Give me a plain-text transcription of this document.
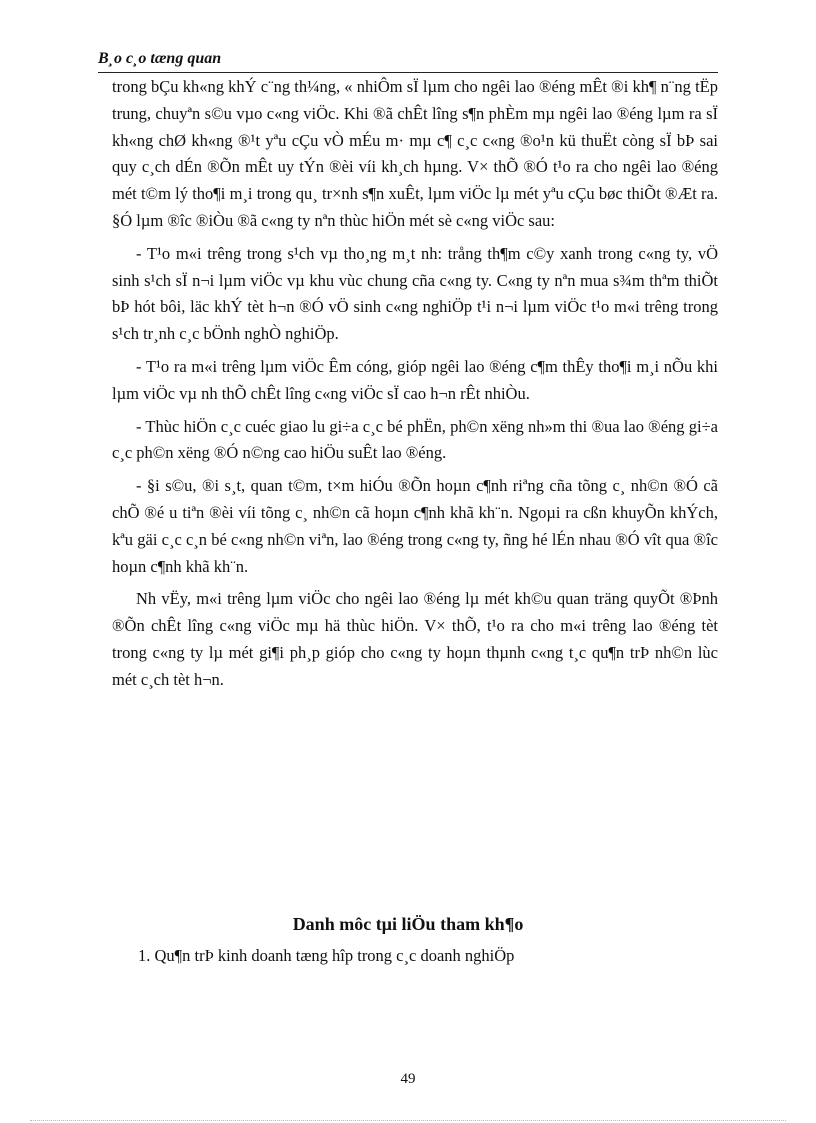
B¸o c¸o tæng quan

trong bÇu kh«ng khÝ c¨ng th¼ng, « nhiÔm sÏ lµm cho ngêi lao ®éng mÊt ®i kh¶ n¨ng tËp trung, chuyªn s©u vµo c«ng viÖc. Khi ®ã chÊt lîng s¶n phÈm mµ ngêi lao ®éng lµm ra sÏ kh«ng chØ kh«ng ®¹t yªu cÇu vÒ mÉu m· mµ c¶ c¸c c«ng ®o¹n kü thuËt còng sÏ bÞ sai quy c¸ch dÉn ®Õn mÊt uy tÝn ®èi víi kh¸ch hµng. V× thÕ ®Ó t¹o ra cho ngêi lao ®éng mét t©m lý tho¶i m¸i trong qu¸ tr×nh s¶n xuÊt, lµm viÖc lµ mét yªu cÇu bøc thiÕt ®Æt ra. §Ó lµm ®îc ®iÒu ®ã c«ng ty nªn thùc hiÖn mét sè c«ng viÖc sau:

- T¹o m«i trêng trong s¹ch vµ tho¸ng m¸t nh: trång th¶m c©y xanh trong c«ng ty, vÖ sinh s¹ch sÏ n¬i lµm viÖc vµ khu vùc chung cña c«ng ty. C«ng ty nªn mua s¾m thªm thiÕt bÞ hót bôi, läc khÝ tèt h¬n ®Ó vÖ sinh c«ng nghiÖp t¹i n¬i lµm viÖc t¹o m«i trêng trong s¹ch tr¸nh c¸c bÖnh nghÒ nghiÖp.

- T¹o ra m«i trêng lµm viÖc Êm cóng, gióp ngêi lao ®éng c¶m thÊy tho¶i m¸i nÕu khi lµm viÖc vµ nh thÕ chÊt lîng c«ng viÖc sÏ cao h¬n rÊt nhiÒu.

- Thùc hiÖn c¸c cuéc giao lu gi÷a c¸c bé phËn, ph©n xëng nh»m thi ®ua lao ®éng gi÷a c¸c ph©n xëng ®Ó n©ng cao hiÖu suÊt lao ®éng.

- §i s©u, ®i s¸t, quan t©m, t×m hiÓu ®Õn hoµn c¶nh riªng cña tõng c¸ nh©n ®Ó cã chÕ ®é u tiªn ®èi víi tõng c¸ nh©n cã hoµn c¶nh khã kh¨n. Ngoµi ra cßn khuyÕn khÝch, kªu gäi c¸c c¸n bé c«ng nh©n viªn, lao ®éng trong c«ng ty, ñng hé lÉn nhau ®Ó vît qua ®îc hoµn c¶nh khã kh¨n.

Nh vËy, m«i trêng lµm viÖc cho ngêi lao ®éng lµ mét kh©u quan träng quyÕt ®Þnh ®Õn chÊt lîng c«ng viÖc mµ hä thùc hiÖn. V× thÕ, t¹o ra cho m«i trêng lao ®éng tèt trong c«ng ty lµ mét gi¶i ph¸p gióp cho c«ng ty hoµn thµnh c«ng t¸c qu¶n trÞ nh©n lùc mét c¸ch tèt h¬n.

Danh môc tµi liÖu tham kh¶o
1. Qu¶n trÞ kinh doanh tæng hîp trong c¸c doanh nghiÖp
49
